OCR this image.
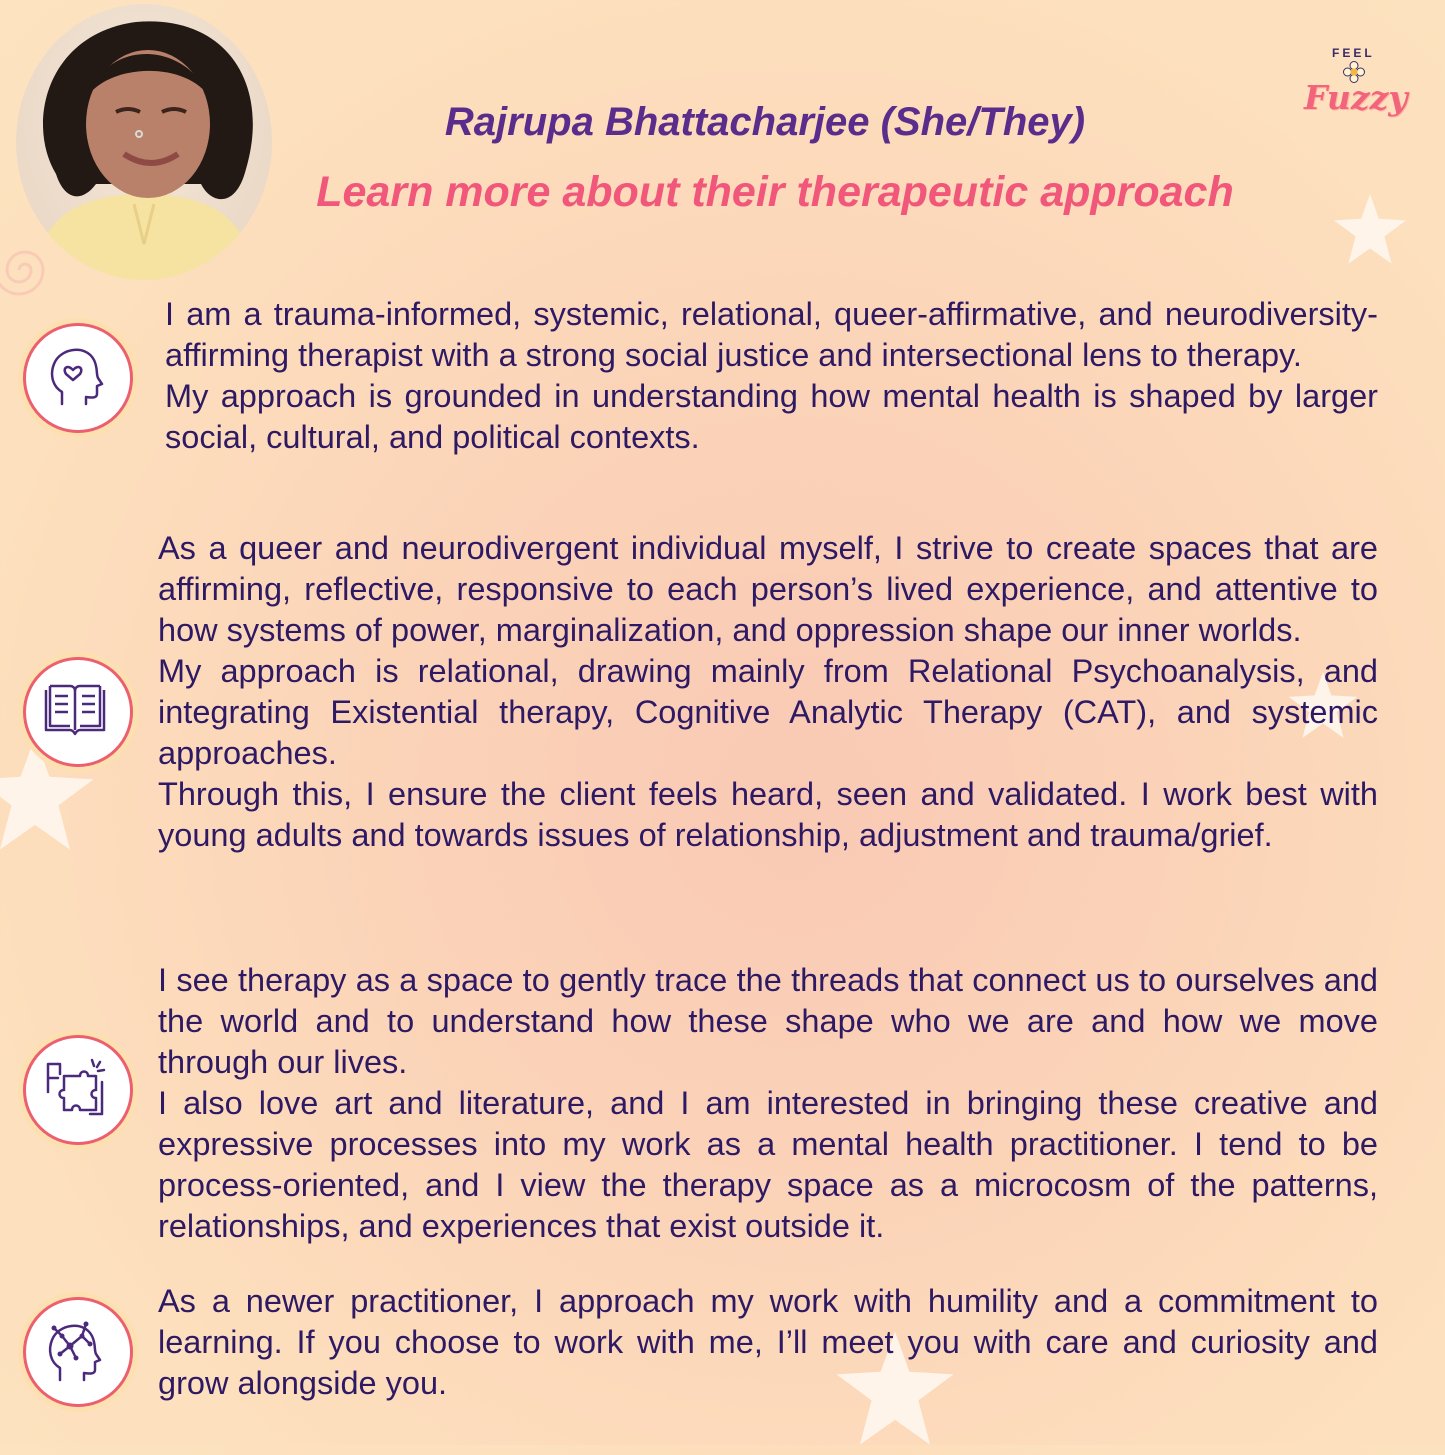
FEEL
Fuzzy
Rajrupa Bhattacharjee (She/They)
Learn more about their therapeutic approach

I am a trauma-informed, systemic, relational, queer-affirmative, and neurodiversity-affirming therapist with a strong social justice and intersectional lens to therapy.

My approach is grounded in understanding how mental health is shaped by larger social, cultural, and political contexts.

As a queer and neurodivergent individual myself, I strive to create spaces that are affirming, reflective, responsive to each person’s lived experience, and attentive to how systems of power, marginalization, and oppression shape our inner worlds.

My approach is relational, drawing mainly from Relational Psychoanalysis, and integrating Existential therapy, Cognitive Analytic Therapy (CAT), and systemic approaches.

Through this, I ensure the client feels heard, seen and validated. I work best with young adults and towards issues of relationship, adjustment and trauma/grief.

I see therapy as a space to gently trace the threads that connect us to ourselves and the world and to understand how these shape who we are and how we move through our lives.

I also love art and literature, and I am interested in bringing these creative and expressive processes into my work as a mental health practitioner. I tend to be process-oriented, and I view the therapy space as a microcosm of the patterns, relationships, and experiences that exist outside it.

As a newer practitioner, I approach my work with humility and a commitment to learning. If you choose to work with me, I’ll meet you with care and curiosity and grow alongside you.
